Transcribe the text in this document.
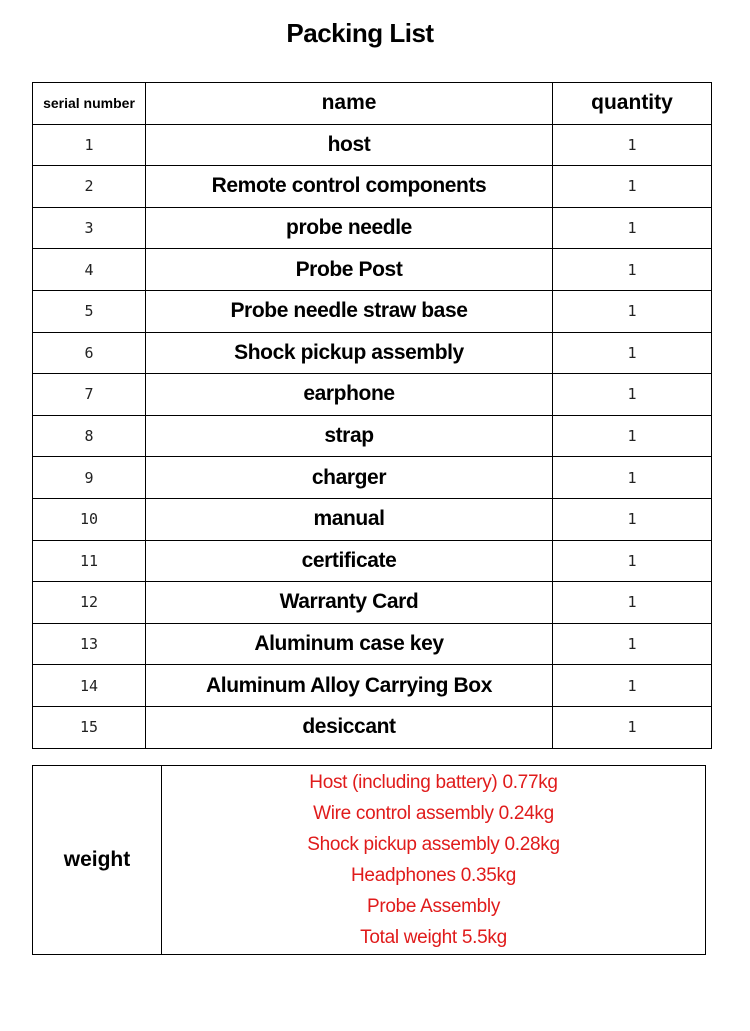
Packing List
serial number	name	quantity
1	host	1
2	Remote control components	1
3	probe needle	1
4	Probe Post	1
5	Probe needle straw base	1
6	Shock pickup assembly	1
7	earphone	1
8	strap	1
9	charger	1
10	manual	1
11	certificate	1
12	Warranty Card	1
13	Aluminum case key	1
14	Aluminum Alloy Carrying Box	1
15	desiccant	1
weight	
Host (including battery) 0.77kg
Wire control assembly 0.24kg
Shock pickup assembly 0.28kg
Headphones 0.35kg
Probe Assembly
Total weight 5.5kg
